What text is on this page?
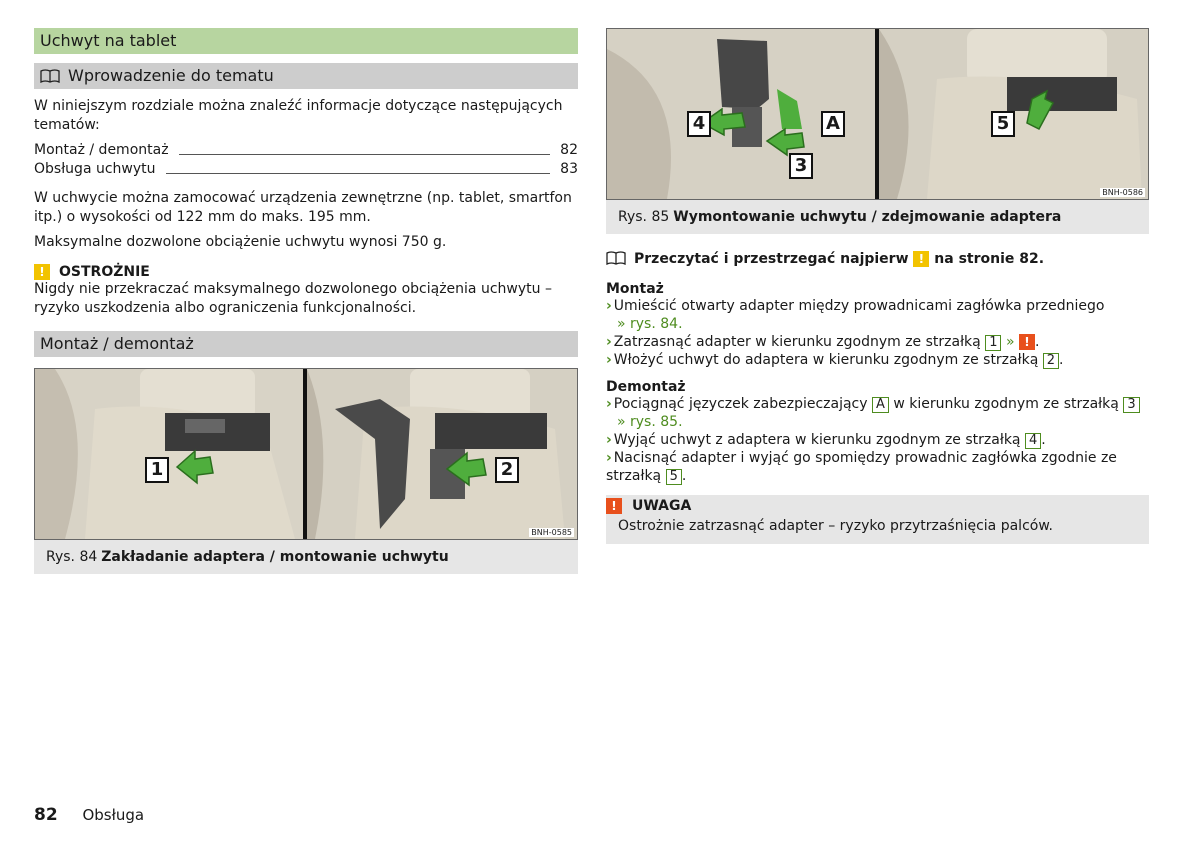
Uchwyt na tablet
Wprowadzenie do tematu

W niniejszym rozdziale można znaleźć informacje dotyczące następujących tematów:

Montaż / demontaż	82
Obsługa uchwytu	83

W uchwycie można zamocować urządzenia zewnętrzne (np. tablet, smartfon itp.) o wysokości od 122 mm do maks. 195 mm.

Maksymalne dozwolone obciążenie uchwytu wynosi 750 g.

!	OSTROŻNIE

Nigdy nie przekraczać maksymalnego dozwolonego obciążenia uchwytu – ryzyko uszkodzenia albo ograniczenia funkcjonalności.

Montaż / demontaż
1	2
BNH-0585
Rys. 84 Zakładanie adaptera / montowanie uchwytu
4	A
3
5
BNH-0586
Rys. 85 Wymontowanie uchwytu / zdejmowanie adaptera
Przeczytać i przestrzegać najpierw ! na stronie 82.
Montaż
› Umieścić otwarty adapter między prowadnicami zagłówka przedniego
» rys. 84.
› Zatrzasnąć adapter w kierunku zgodnym ze strzałką 1 » ! .
› Włożyć uchwyt do adaptera w kierunku zgodnym ze strzałką 2 .
Demontaż
› Pociągnąć języczek zabezpieczający A w kierunku zgodnym ze strzałką 3
» rys. 85.
› Wyjąć uchwyt z adaptera w kierunku zgodnym ze strzałką 4 .
› Nacisnąć adapter i wyjąć go spomiędzy prowadnic zagłówka zgodnie ze strzałką 5 .
!	UWAGA

Ostrożnie zatrzasnąć adapter – ryzyko przytrzaśnięcia palców.

82 Obsługa
